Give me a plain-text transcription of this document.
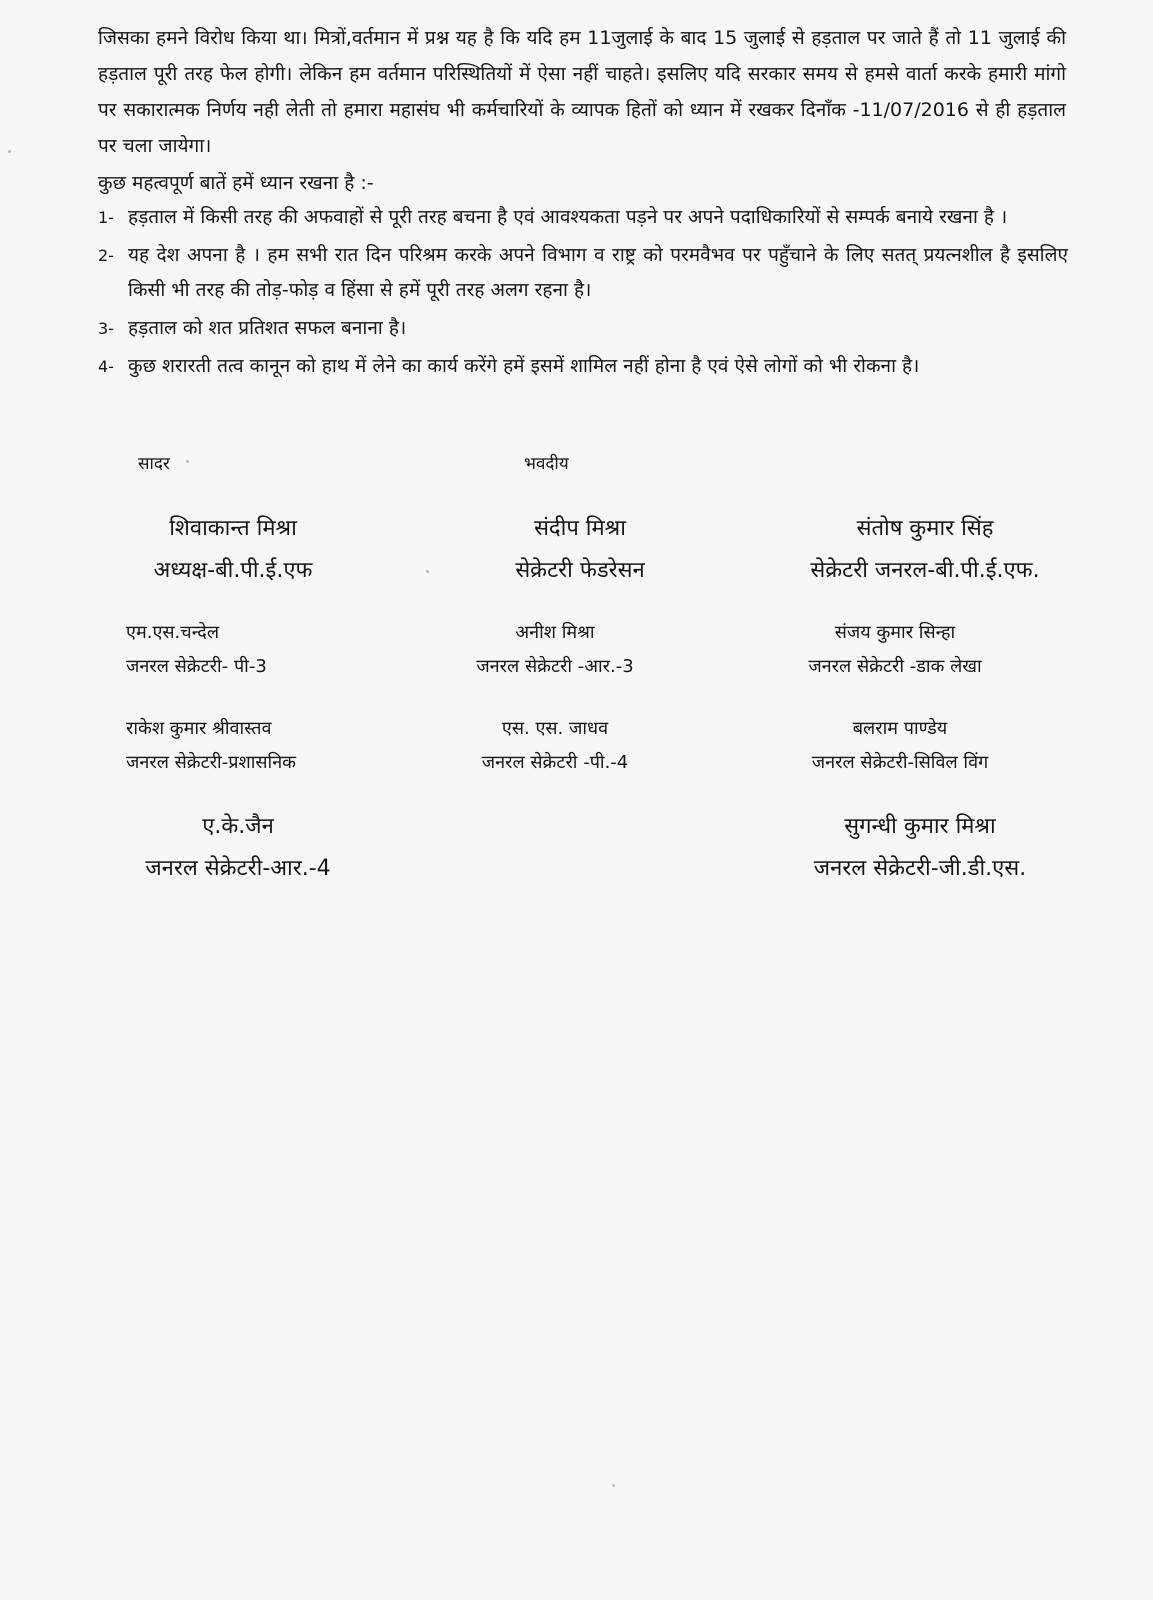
जिसका हमने विरोध किया था। मित्रों,वर्तमान में प्रश्न यह है कि यदि हम 11जुलाई के बाद 15 जुलाई से हड़ताल पर जाते हैं तो 11 जुलाई की हड़ताल पूरी तरह फेल होगी। लेकिन हम वर्तमान परिस्थितियों में ऐसा नहीं चाहते। इसलिए यदि सरकार समय से हमसे वार्ता करके हमारी मांगो पर सकारात्मक निर्णय नही लेती तो हमारा महासंघ भी कर्मचारियों के व्यापक हितों को ध्यान में रखकर दिनाँक -11/07/2016 से ही हड़ताल पर चला जायेगा।
कुछ महत्वपूर्ण बातें हमें ध्यान रखना है :-
1- हड़ताल में किसी तरह की अफवाहों से पूरी तरह बचना है एवं आवश्यकता पड़ने पर अपने पदाधिकारियों से सम्पर्क बनाये रखना है ।
2- यह देश अपना है । हम सभी रात दिन परिश्रम करके अपने विभाग व राष्ट्र को परमवैभव पर पहुँचाने के लिए सतत् प्रयत्नशील है इसलिए किसी भी तरह की तोड़-फोड़ व हिंसा से हमें पूरी तरह अलग रहना है।
3- हड़ताल को शत प्रतिशत सफल बनाना है।
4- कुछ शरारती तत्व कानून को हाथ में लेने का कार्य करेंगे हमें इसमें शामिल नहीं होना है एवं ऐसे लोगों को भी रोकना है।
सादर	भवदीय
शिवाकान्त मिश्रा
अध्यक्ष-बी.पी.ई.एफ
संदीप मिश्रा
सेक्रेटरी फेडरेसन
संतोष कुमार सिंह
सेक्रेटरी जनरल-बी.पी.ई.एफ.
एम.एस.चन्देल
जनरल सेक्रेटरी- पी-3
अनीश मिश्रा
जनरल सेक्रेटरी -आर.-3
संजय कुमार सिन्हा
जनरल सेक्रेटरी -डाक लेखा
राकेश कुमार श्रीवास्तव
जनरल सेक्रेटरी-प्रशासनिक
एस. एस. जाधव
जनरल सेक्रेटरी -पी.-4
बलराम पाण्डेय
जनरल सेक्रेटरी-सिविल विंग
ए.के.जैन
जनरल सेक्रेटरी-आर.-4
सुगन्धी कुमार मिश्रा
जनरल सेक्रेटरी-जी.डी.एस.
